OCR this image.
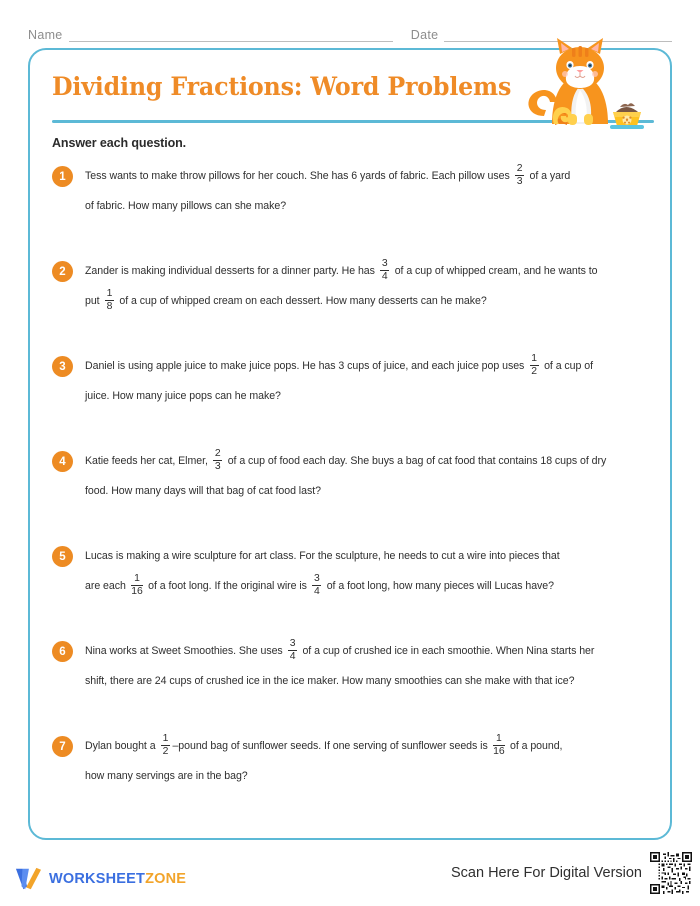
Name	Date
Dividing Fractions: Word Problems
Answer each question.
1	Tess wants to make throw pillows for her couch. She has 6 yards of fabric. Each pillow uses $\frac{2}{3}$ of a yard
of fabric. How many pillows can she make?
2	Zander is making individual desserts for a dinner party. He has $\frac{3}{4}$ of a cup of whipped cream, and he wants to
put $\frac{1}{8}$ of a cup of whipped cream on each dessert. How many desserts can he make?
3	Daniel is using apple juice to make juice pops. He has 3 cups of juice, and each juice pop uses $\frac{1}{2}$ of a cup of
juice. How many juice pops can he make?
4	Katie feeds her cat, Elmer, $\frac{2}{3}$ of a cup of food each day. She buys a bag of cat food that contains 18 cups of dry
food. How many days will that bag of cat food last?
5	Lucas is making a wire sculpture for art class. For the sculpture, he needs to cut a wire into pieces that
are each $\frac{1}{16}$ of a foot long. If the original wire is $\frac{3}{4}$ of a foot long, how many pieces will Lucas have?
6	Nina works at Sweet Smoothies. She uses $\frac{3}{4}$ of a cup of crushed ice in each smoothie. When Nina starts her
shift, there are 24 cups of crushed ice in the ice maker. How many smoothies can she make with that ice?
7	Dylan bought a $\frac{1}{2}$ –pound bag of sunflower seeds. If one serving of sunflower seeds is $\frac{1}{16}$ of a pound,
how many servings are in the bag?
WORKSHEETZONE	Scan Here For Digital Version
